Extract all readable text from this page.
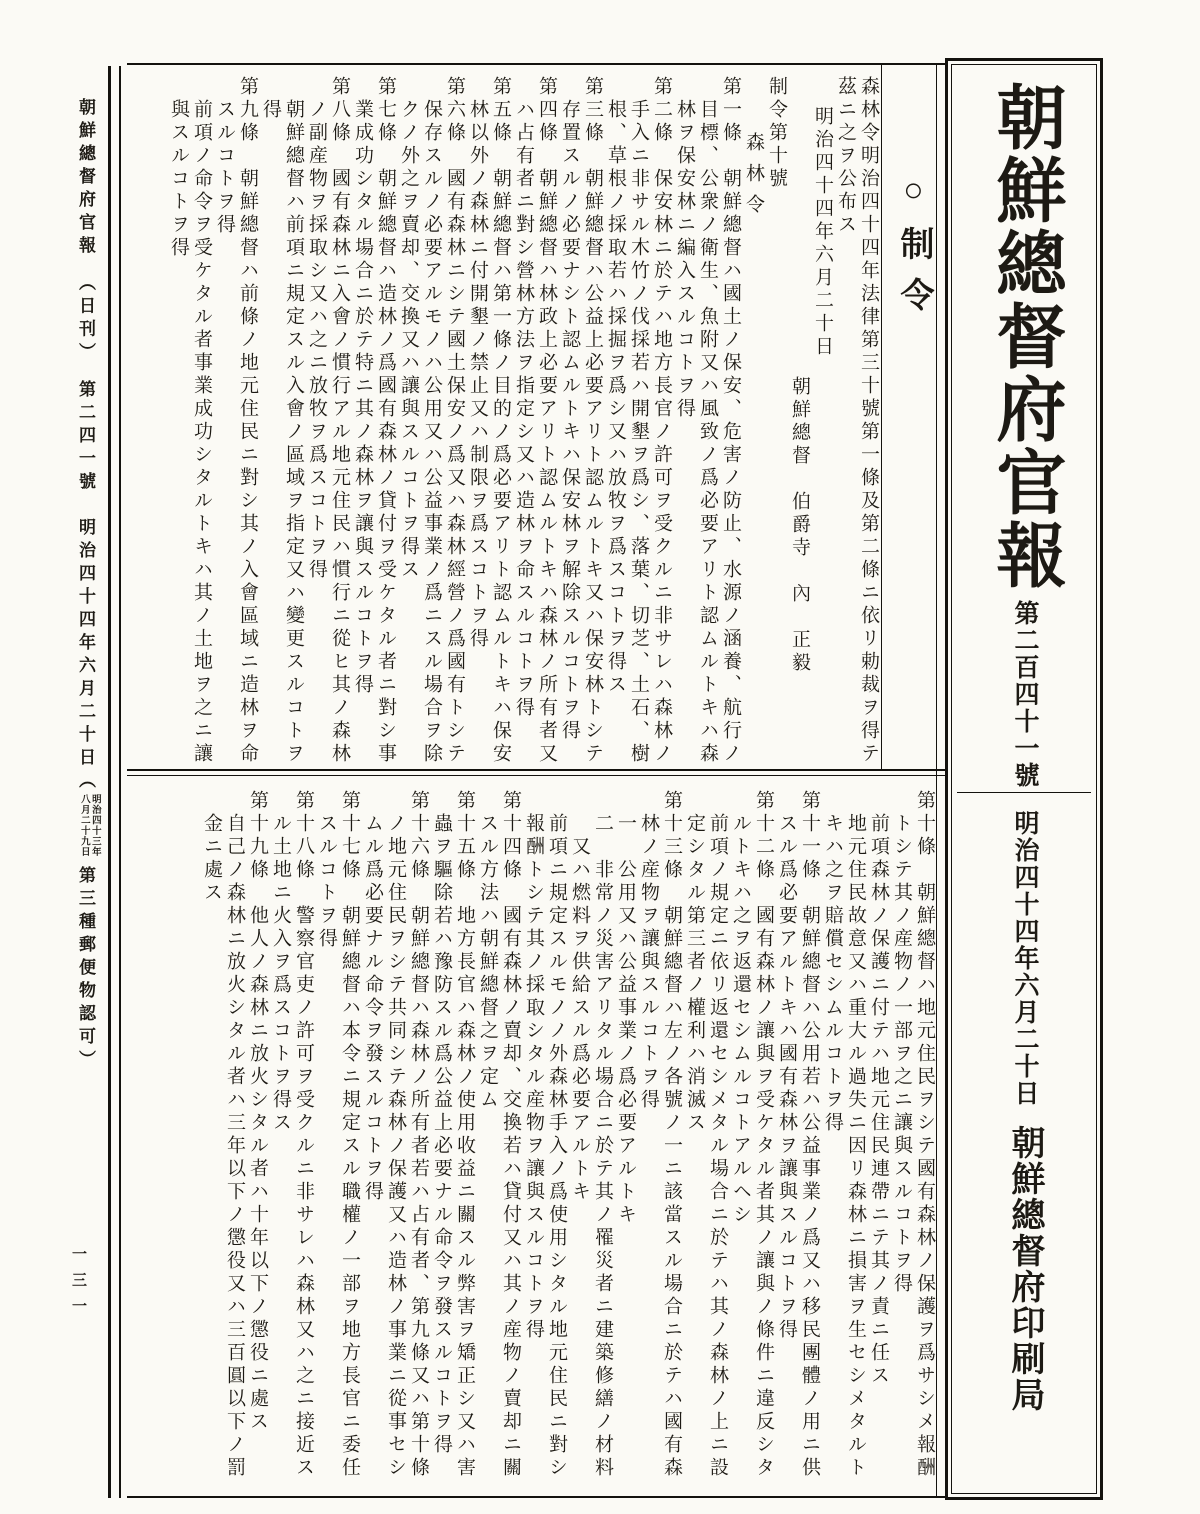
朝鮮總督府官報　（日刊）　第二四一號　明治四十四年六月二十日（明治四十三年八月二十九日第三種郵便物認可）
一三一
○制令

森林令明治四十四年法律第三十號第一條及第二條ニ依リ勅裁ヲ得テ茲ニ之ヲ公布ス

明治四十四年六月二十日

朝鮮總督　伯爵寺　內　正毅

制令第十號

森林令

第一條　朝鮮總督ハ國土ノ保安、危害ノ防止、水源ノ涵養、航行ノ目標、公衆ノ衛生、魚附又ハ風致ノ爲必要アリト認ムルトキハ森林ヲ保安林ニ編入スルコトヲ得

第二條　保安林ニ於テハ地方長官ノ許可ヲ受クルニ非サレハ森林ノ手入ニ非サル木竹ノ伐採若ハ開墾ヲ爲シ、落葉、切芝、土石、樹根、草根ノ採取若ハ採掘ヲ爲シ又ハ放牧ヲ爲スコトヲ得ス

第三條　朝鮮總督ハ公益上必要アリト認ムルトキ又ハ保安林トシテ存置スルノ必要ナシト認ムルトキハ保安林ヲ解除スルコトヲ得

第四條　朝鮮總督ハ林政上必要アリト認ムルトキハ森林ノ所有者又ハ占有者ニ對シ營林方法ヲ指定シ又ハ造林ヲ命スルコトヲ得

第五條　朝鮮總督ハ第一條ノ目的ノ爲必要アリト認ムルトキハ保安林以外ノ森林ニ付開墾ノ禁止又ハ制限ヲ爲スコトヲ得

第六條　國有森林ニシテ國土保安ノ爲又ハ森林經營ノ爲國有トシテ保存スルノ必要アルモノハ公用又ハ公益事業ノ爲ニスル場合ヲ除クノ外之ヲ賣却、交換又ハ讓與スルコトヲ得ス

第七條　朝鮮總督ハ造林ノ爲國有森林ノ貸付ヲ受ケタル者ニ對シ事業成功シタル場合ニ於テ特ニ其ノ森林ヲ讓與スルコトヲ得

第八條　國有森林ニ入會ノ慣行アル地元住民ハ慣行ニ從ヒ其ノ森林ノ副産物ヲ採取シ又ハ之ニ放牧ヲ爲スコトヲ得

朝鮮總督ハ前項ニ規定スル入會ノ區域ヲ指定又ハ變更スルコトヲ得

第九條　朝鮮總督ハ前條ノ地元住民ニ對シ其ノ入會區域ニ造林ヲ命スルコトヲ得

前項ノ命令ヲ受ケタル者事業成功シタルトキハ其ノ土地ヲ之ニ讓與スルコトヲ得

第十條　朝鮮總督ハ地元住民ヲシテ國有森林ノ保護ヲ爲サシメ報酬トシテ其ノ産物ノ一部ヲ之ニ讓與スルコトヲ得

前項森林ノ保護ニ付テハ地元住民連帶ニテ其ノ責ニ任ス

地元住民故意又ハ重大ル過失ニ因リ森林ニ損害ヲ生セシメタルトキハ之ヲ賠償セシムルコトヲ得

第十一條　朝鮮總督ハ公用若ハ公益事業ノ爲又ハ移民團體ノ用ニ供スル爲必要アルトキハ國有森林ヲ讓與スルコトヲ得

第十二條　國有森林ノ讓與ヲ受ケタル者其ノ讓與ノ條件ニ違反シタルトキハ之ヲ返還セシムルコトアルヘシ

前項ノ規定ニ依リ返還セシメタル場合ニ於テハ其ノ森林ノ上ニ設定シタル第三者ノ權利ハ消滅ス

第十三條　朝鮮總督ハ左ノ各號ノ一ニ該當スル場合ニ於テハ國有森林ノ産物ヲ讓與スルコトヲ得

一　公用又ハ公益事業ノ爲必要アルトキ

二　非常ノ災害アリタル場合ニ於テ其ノ罹災者ニ建築修繕ノ材料又ハ燃料ヲ供給スル爲必要アルトキ

前項ニ規定スルモノノ外森林手入ノ爲使用シタル地元住民ニ對シ報酬トシテ其ノ採取シタル産物ヲ讓與スルコトヲ得

第十四條　國有森林ノ賣却、交換若ハ貸付又ハ其ノ産物ノ賣却ニ關スル方法ハ朝鮮總督之ヲ定ム

第十五條　地方長官ハ森林ノ使用收益ニ關スル弊害ヲ矯正シ又ハ害蟲ヲ驅除若ハ豫防スル爲公益上必要ナル命令ヲ發スルコトヲ得

第十六條　朝鮮總督ハ森林ノ所有者若ハ占有者、第九條又ハ第十條ノ地元住民ヲシテ共同シテ森林ノ保護又ハ造林ノ事業ニ從事セシムル爲必要ナル命令ヲ發スルコトヲ得

第十七條　朝鮮總督ハ本令ニ規定スル職權ノ一部ヲ地方長官ニ委任スルコトヲ得

第十八條　警察官吏ノ許可ヲ受クルニ非サレハ森林又ハ之ニ接近スル土地ニ火入ヲ爲スコトヲ得ス

第十九條　他人ノ森林ニ放火シタル者ハ十年以下ノ懲役ニ處ス

自己ノ森林ニ放火シタル者ハ三年以下ノ懲役又ハ三百圓以下ノ罰金ニ處ス

朝鮮總督府官報
第二百四十一號
明治四十四年六月二十日朝鮮總督府印刷局
